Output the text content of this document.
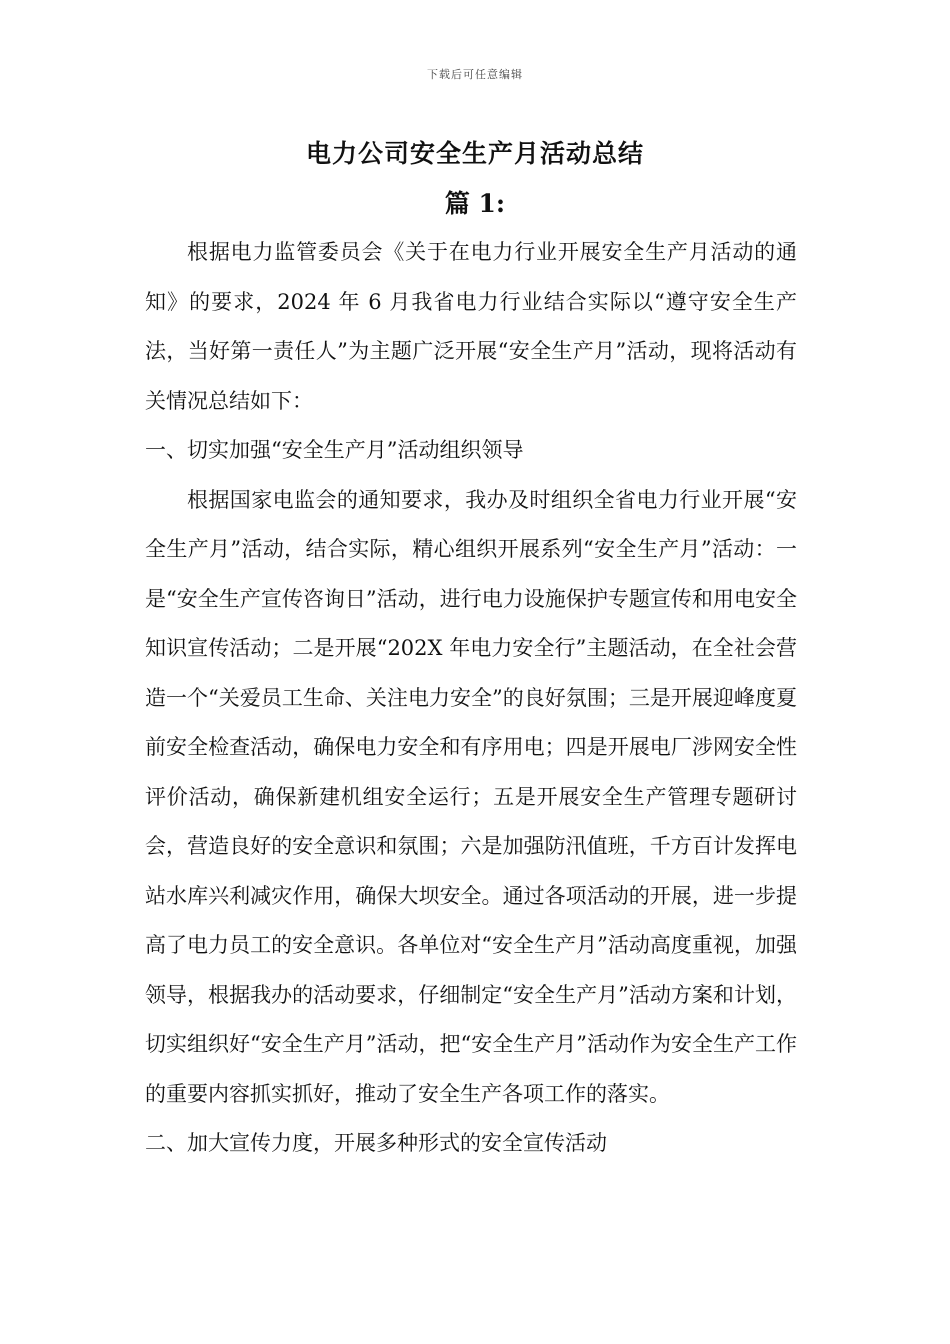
下载后可任意编辑
电力公司安全生产月活动总结
篇 1:

根据电力监管委员会《关于在电力行业开展安全生产月活动的通知》的要求，2024 年 6 月我省电力行业结合实际以“遵守安全生产法，当好第一责任人”为主题广泛开展“安全生产月”活动，现将活动有关情况总结如下：

一、切实加强“安全生产月”活动组织领导

根据国家电监会的通知要求，我办及时组织全省电力行业开展“安全生产月”活动，结合实际，精心组织开展系列“安全生产月”活动：一是“安全生产宣传咨询日”活动，进行电力设施保护专题宣传和用电安全知识宣传活动；二是开展“202X 年电力安全行”主题活动，在全社会营造一个“关爱员工生命、关注电力安全”的良好氛围；三是开展迎峰度夏前安全检查活动，确保电力安全和有序用电；四是开展电厂涉网安全性评价活动，确保新建机组安全运行；五是开展安全生产管理专题研讨会，营造良好的安全意识和氛围；六是加强防汛值班，千方百计发挥电站水库兴利减灾作用，确保大坝安全。通过各项活动的开展，进一步提高了电力员工的安全意识。各单位对“安全生产月”活动高度重视，加强领导，根据我办的活动要求，仔细制定“安全生产月”活动方案和计划，切实组织好“安全生产月”活动，把“安全生产月”活动作为安全生产工作的重要内容抓实抓好，推动了安全生产各项工作的落实。

二、加大宣传力度，开展多种形式的安全宣传活动
